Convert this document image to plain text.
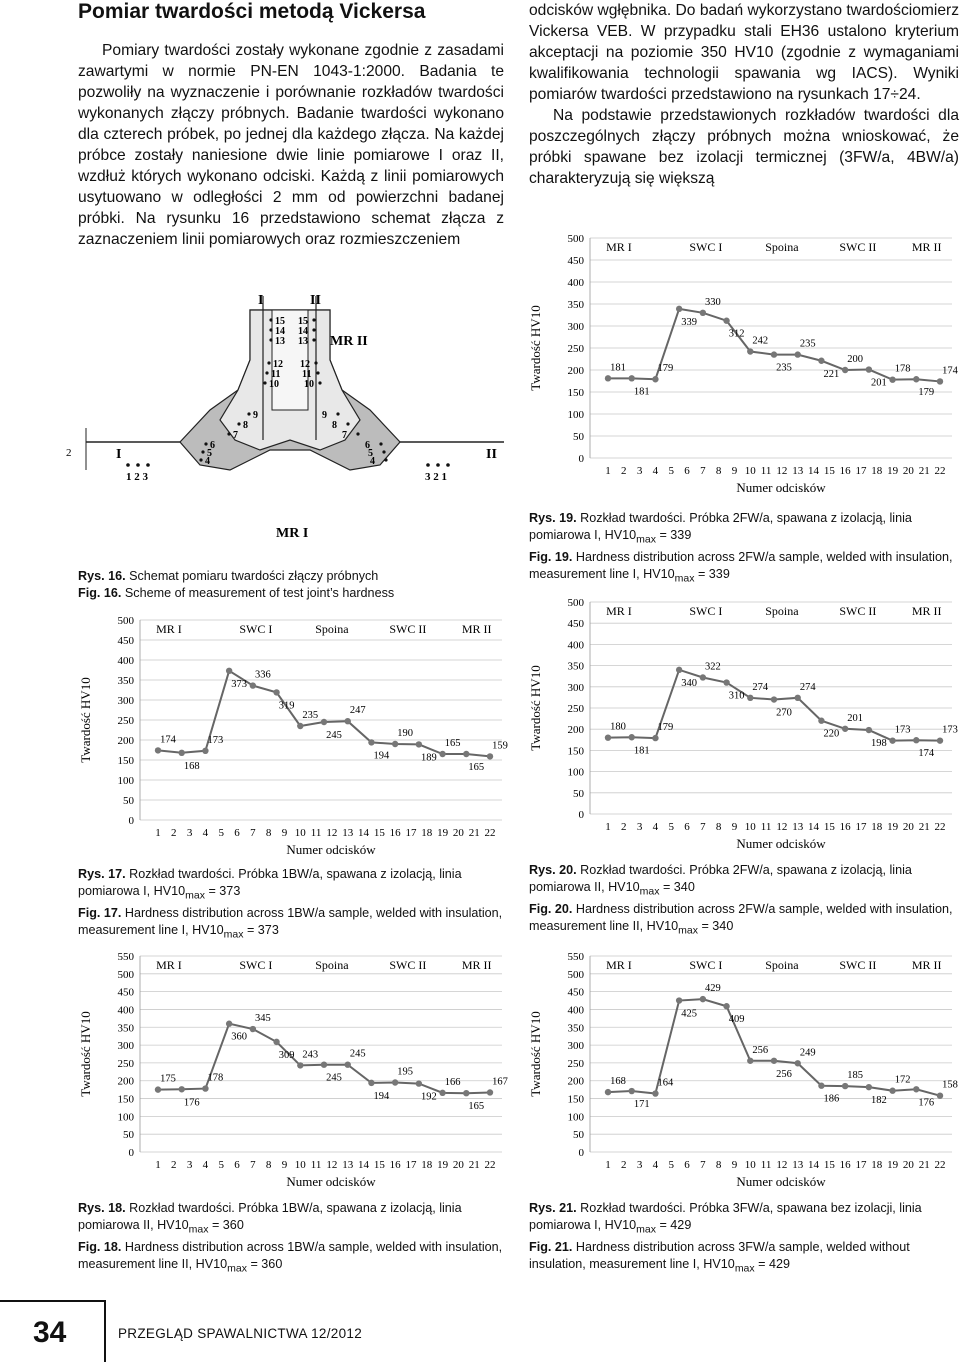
Pomiar twardości metodą Vickersa

Pomiary twardości zostały wykonane zgodnie z zasadami zawartymi w normie PN-EN 1043-1:2000. Badania te pozwoliły na wyznaczenie i porównanie rozkładów twardości wykonanych złączy próbnych. Badanie twardości wykonano dla czterech próbek, po jednej dla każdego złącza. Na każdej próbce zostały naniesione dwie linie pomiarowe I oraz II, wzdłuż których wykonano odciski. Każdą z linii pomiarowych usytuowano w odległości 2 mm od powierzchni badanej próbki. Na rysunku 16 przedstawiono schemat złącza z zaznaczeniem linii pomiarowych oraz rozmieszczeniem

odcisków wgłębnika. Do badań wykorzystano twardościomierz Vickersa VEB. W przypadku stali EH36 ustalono kryterium akceptacji na poziomie 350 HV10 (zgodnie z wymaganiami kwalifikowania technologii spawania wg IACS). Wyniki pomiarów twardości przedstawiono na rysunkach 17÷24.

Na podstawie przedstawionych rozkładów twardości dla poszczególnych złączy próbnych można wnioskować, że próbki spawane bez izolacji termicznej (3FW/a, 4BW/a) charakteryzują się większą

I	II
MR II
MR I
I	II
2
1 2 3	3 2 1
15
14
13
12
11
10
9
8
7
6
5
4
15
14
13
12
11
10
9
8
7
6
5
4
Rys. 16. Schemat pomiaru twardości złączy próbnych
Fig. 16. Scheme of measurement of test joint’s hardness
0
50
100
150
200
250
300
350
400
450
500
1 2 3 4 5 6 7 8 9 10 11 12 13 14 15 16 17 18 19 20 21 22
MR I	SWC I	Spoina	SWC II	MR II
Twardość HV10
Numer odcisków
181
181
179
339
330
312
242
235
235
221
200
201
178
179
174
0
50
100
150
200
250
300
350
400
450
500
1 2 3 4 5 6 7 8 9 10 11 12 13 14 15 16 17 18 19 20 21 22
MR I	SWC I	Spoina	SWC II	MR II
Twardość HV10
Numer odcisków
174
168
173
373
336
319
235
245
247
194
190
189
165
165
159
0
50
100
150
200
250
300
350
400
450
500
1 2 3 4 5 6 7 8 9 10 11 12 13 14 15 16 17 18 19 20 21 22
MR I	SWC I	Spoina	SWC II	MR II
Twardość HV10
Numer odcisków
180
181
179
340
322
310
274
270
274
220
201
198
173
174
173
0
50
100
150
200
250
300
350
400
450
500
550
1 2 3 4 5 6 7 8 9 10 11 12 13 14 15 16 17 18 19 20 21 22
MR I	SWC I	Spoina	SWC II	MR II
Twardość HV10
Numer odcisków
175
176
178
360
345
309 243
245
245
194
195
192
166
165
167
0
50
100
150
200
250
300
350
400
450
500
550
1 2 3 4 5 6 7 8 9 10 11 12 13 14 15 16 17 18 19 20 21 22
MR I	SWC I	Spoina	SWC II	MR II
Twardość HV10
Numer odcisków
168
171
164
425
429
409
256
256
249
186
185
182
172
176
158
Rys. 19. Rozkład twardości. Próbka 2FW/a, spawana z izolacją, linia pomiarowa I, $HV10_{max} = 339$
Fig. 19. Hardness distribution across 2FW/a sample, welded with insulation, measurement line I, $HV10_{max} = 339$
Rys. 17. Rozkład twardości. Próbka 1BW/a, spawana z izolacją, linia pomiarowa I, $HV10_{max} = 373$
Fig. 17. Hardness distribution across 1BW/a sample, welded with insulation, measurement line I, $HV10_{max} = 373$
Rys. 20. Rozkład twardości. Próbka 2FW/a, spawana z izolacją, linia pomiarowa II, $HV10_{max} = 340$
Fig. 20. Hardness distribution across 2FW/a sample, welded with insulation, measurement line II, $HV10_{max} = 340$
Rys. 18. Rozkład twardości. Próbka 1BW/a, spawana z izolacją, linia pomiarowa II, $HV10_{max} = 360$
Fig. 18. Hardness distribution across 1BW/a sample, welded with insulation, measurement line II, $HV10_{max} = 360$
Rys. 21. Rozkład twardości. Próbka 3FW/a, spawana bez izolacji, linia pomiarowa I, $HV10_{max} = 429$
Fig. 21. Hardness distribution across 3FW/a sample, welded without insulation, measurement line I, $HV10_{max} = 429$
34	PRZEGLĄD SPAWALNICTWA 12/2012
